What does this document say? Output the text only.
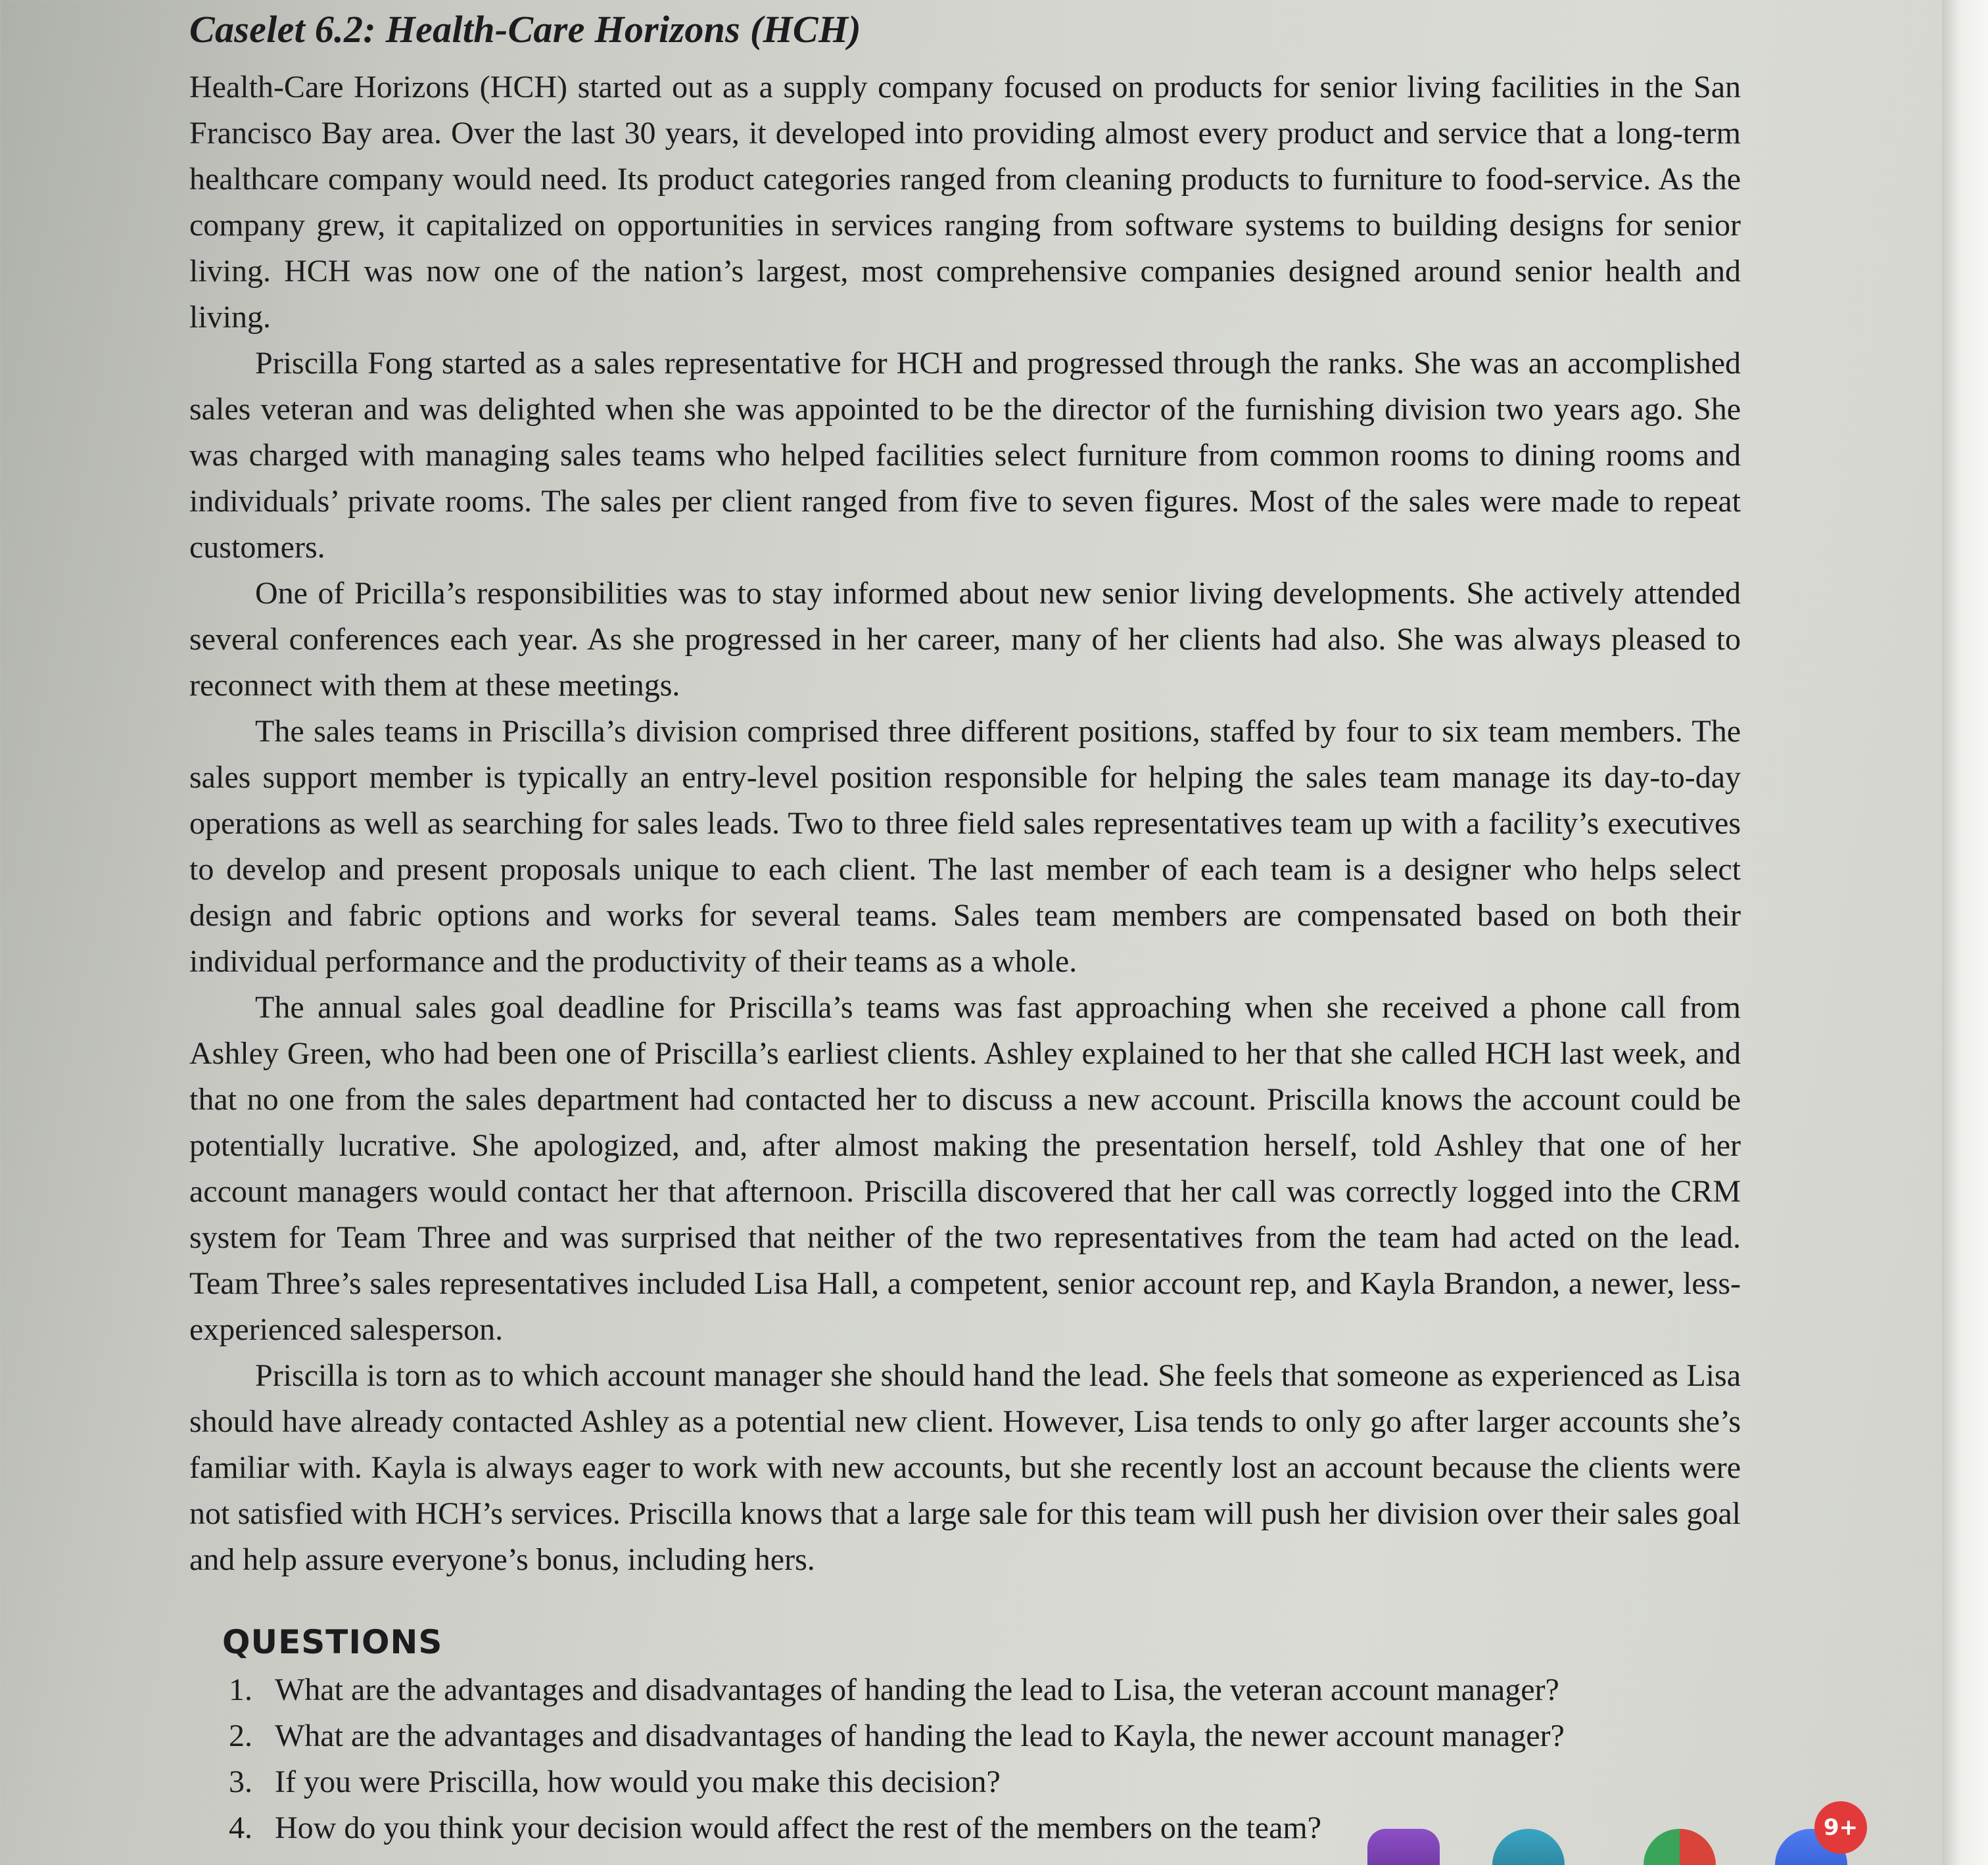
Caselet 6.2: Health-Care Horizons (HCH)

Health-Care Horizons (HCH) started out as a supply company focused on products for senior living facilities in the San Francisco Bay area. Over the last 30 years, it developed into providing almost every product and service that a long-term healthcare company would need. Its product categories ranged from cleaning products to furniture to food-service. As the company grew, it capitalized on opportunities in services ranging from software systems to building designs for senior living. HCH was now one of the nation’s largest, most comprehensive companies designed around senior health and living.

Priscilla Fong started as a sales representative for HCH and progressed through the ranks. She was an accomplished sales veteran and was delighted when she was appointed to be the director of the furnishing division two years ago. She was charged with managing sales teams who helped facilities select furniture from common rooms to dining rooms and individuals’ private rooms. The sales per client ranged from five to seven figures. Most of the sales were made to repeat customers.

One of Pricilla’s responsibilities was to stay informed about new senior living developments. She actively attended several conferences each year. As she progressed in her career, many of her clients had also. She was always pleased to reconnect with them at these meetings.

The sales teams in Priscilla’s division comprised three different positions, staffed by four to six team members. The sales support member is typically an entry-level position responsible for helping the sales team manage its day-to-day operations as well as searching for sales leads. Two to three field sales representatives team up with a facility’s executives to develop and present proposals unique to each client. The last member of each team is a designer who helps select design and fabric options and works for several teams. Sales team members are compensated based on both their individual performance and the productivity of their teams as a whole.

The annual sales goal deadline for Priscilla’s teams was fast approaching when she received a phone call from Ashley Green, who had been one of Priscilla’s earliest clients. Ashley explained to her that she called HCH last week, and that no one from the sales department had contacted her to discuss a new account. Priscilla knows the account could be potentially lucrative. She apologized, and, after almost making the presentation herself, told Ashley that one of her account managers would contact her that afternoon. Priscilla discovered that her call was correctly logged into the CRM system for Team Three and was surprised that neither of the two representatives from the team had acted on the lead. Team Three’s sales representatives included Lisa Hall, a competent, senior account rep, and Kayla Brandon, a newer, less-experienced salesperson.

Priscilla is torn as to which account manager she should hand the lead. She feels that someone as experienced as Lisa should have already contacted Ashley as a potential new client. However, Lisa tends to only go after larger accounts she’s familiar with. Kayla is always eager to work with new accounts, but she recently lost an account because the clients were not satisfied with HCH’s services. Priscilla knows that a large sale for this team will push her division over their sales goal and help assure everyone’s bonus, including hers.

QUESTIONS
1. What are the advantages and disadvantages of handing the lead to Lisa, the veteran account manager?
2. What are the advantages and disadvantages of handing the lead to Kayla, the newer account manager?
3. If you were Priscilla, how would you make this decision?
4. How do you think your decision would affect the rest of the members on the team?	9+
